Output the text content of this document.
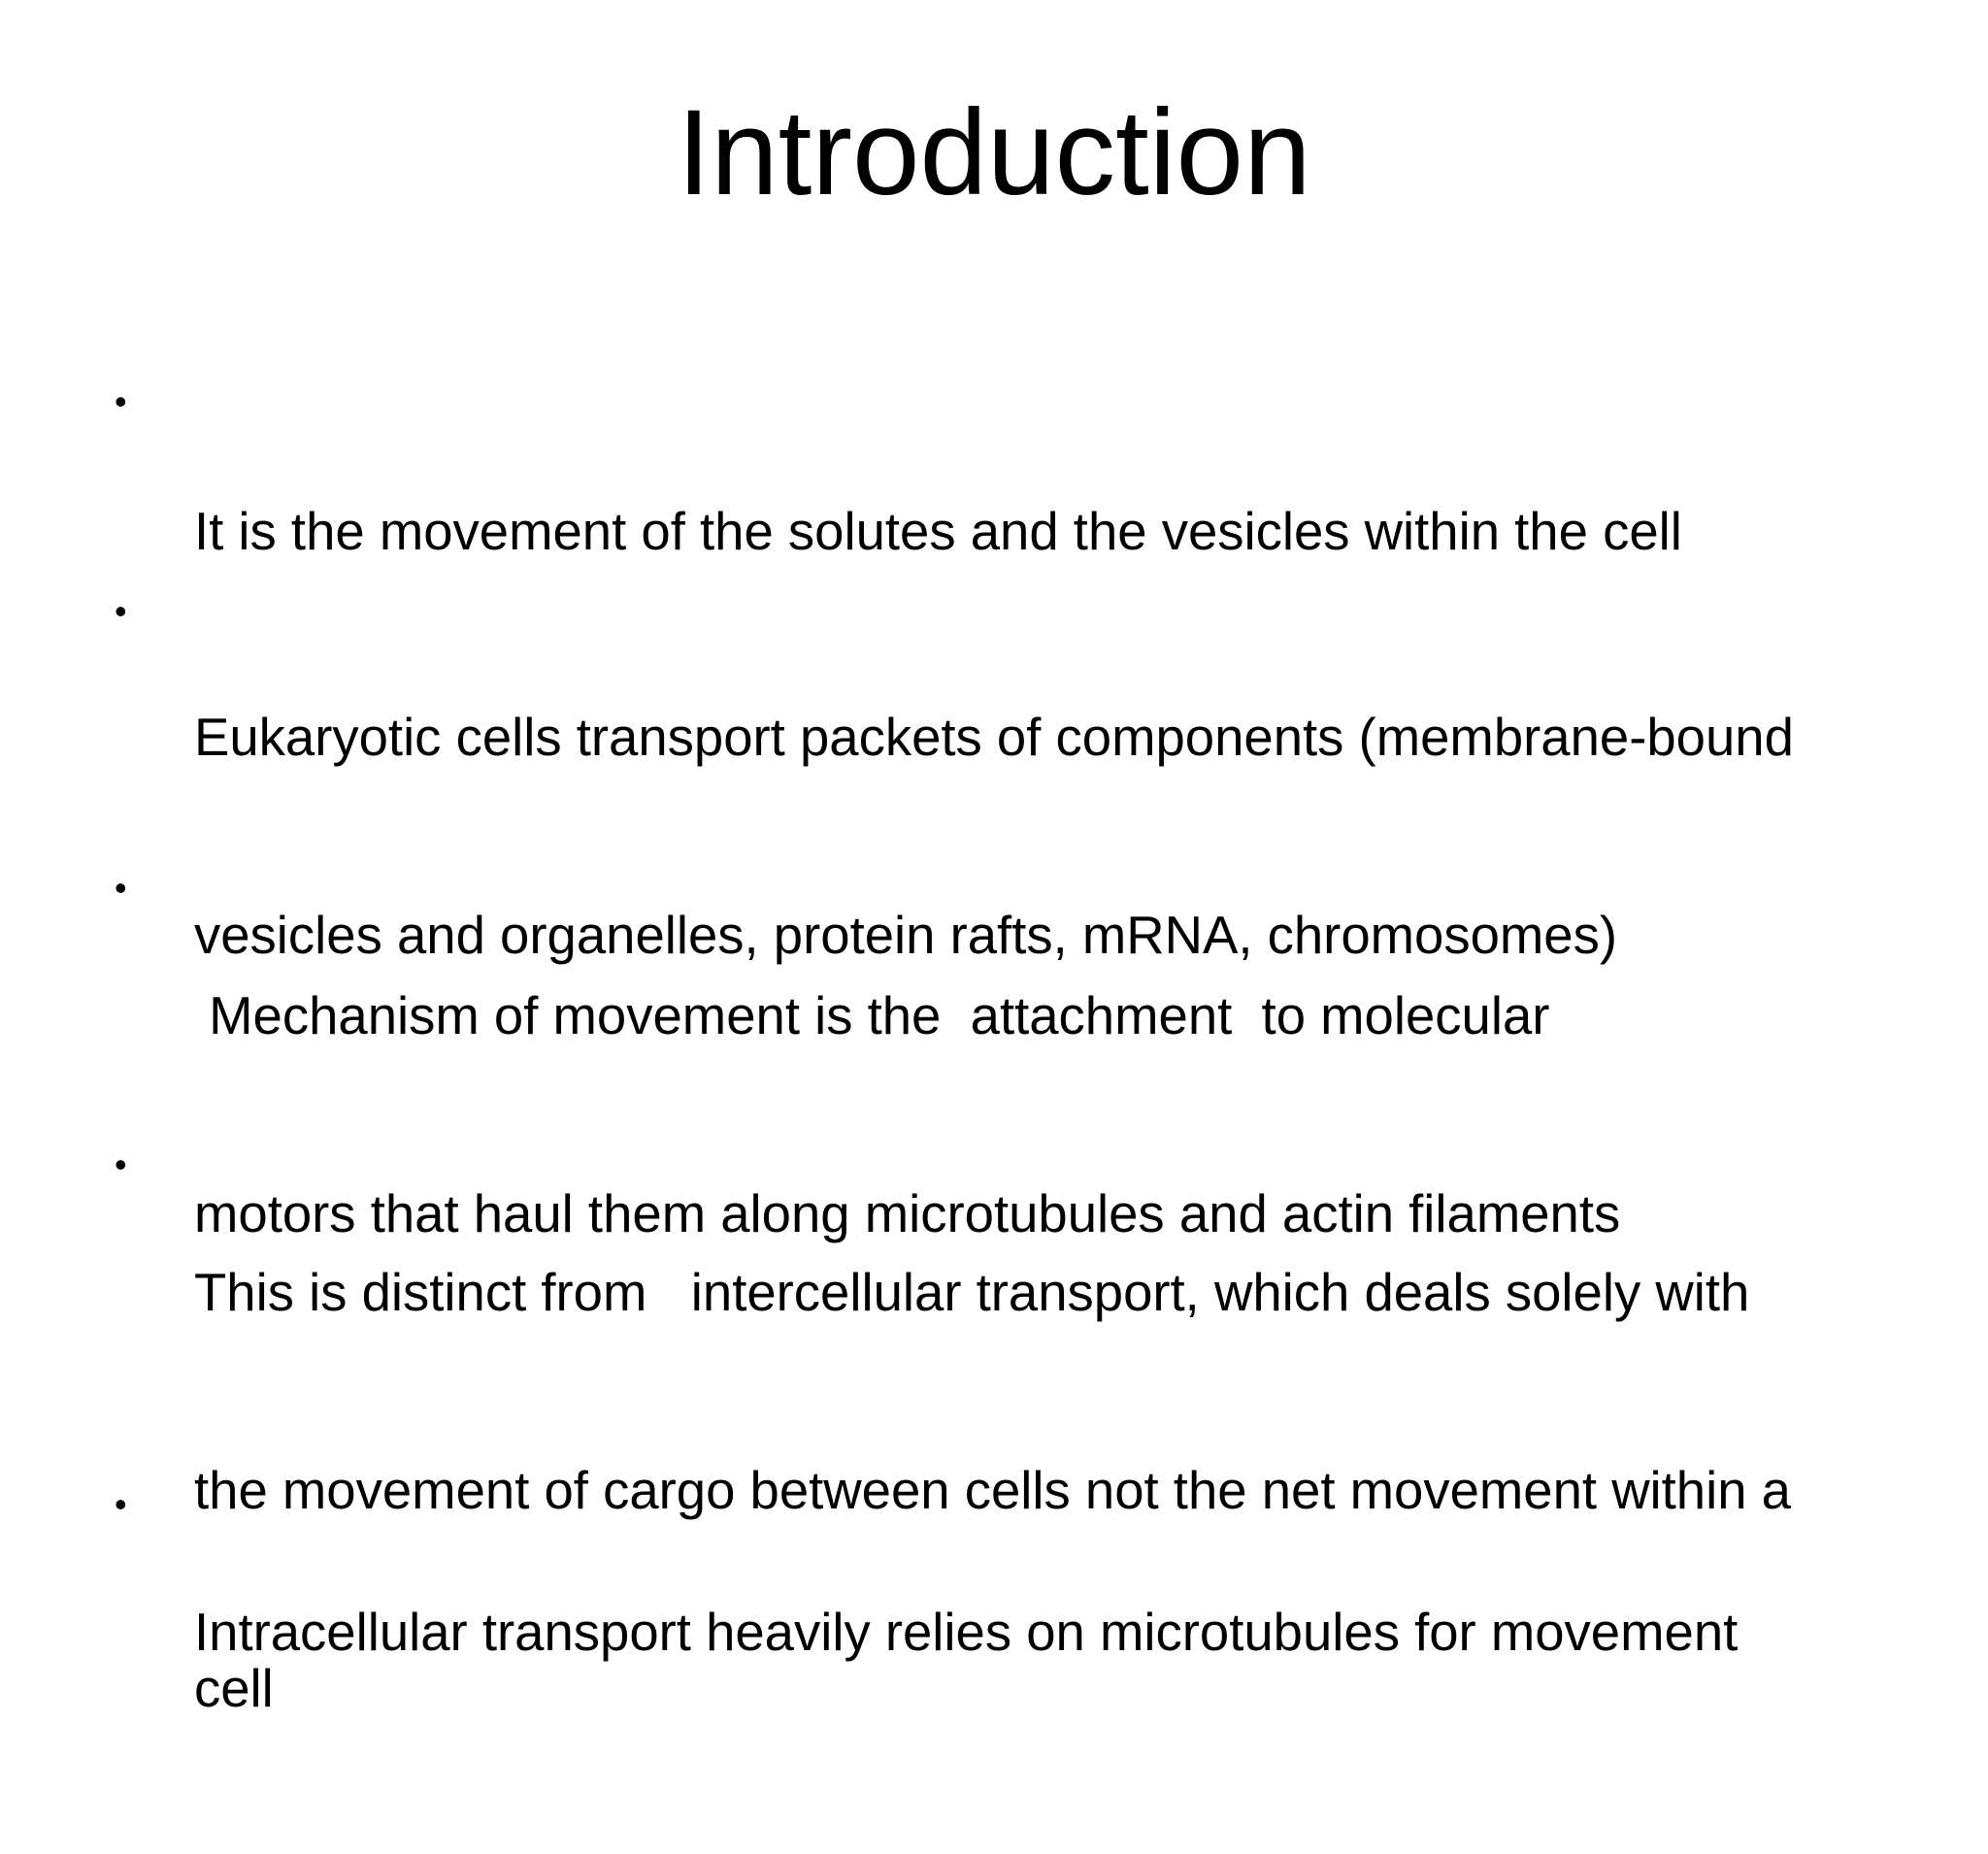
Introduction
•

It is the movement of the solutes and the vesicles within the cell

•

Eukaryotic cells transport packets of components (membrane-bound

vesicles and organelles, protein rafts, mRNA, chromosomes)

•

Mechanism of movement is the  attachment  to molecular

motors that haul them along microtubules and actin filaments

•

This is distinct from   intercellular transport, which deals solely with

the movement of cargo between cells not the net movement within a

cell

•

Intracellular transport heavily relies on microtubules for movement
